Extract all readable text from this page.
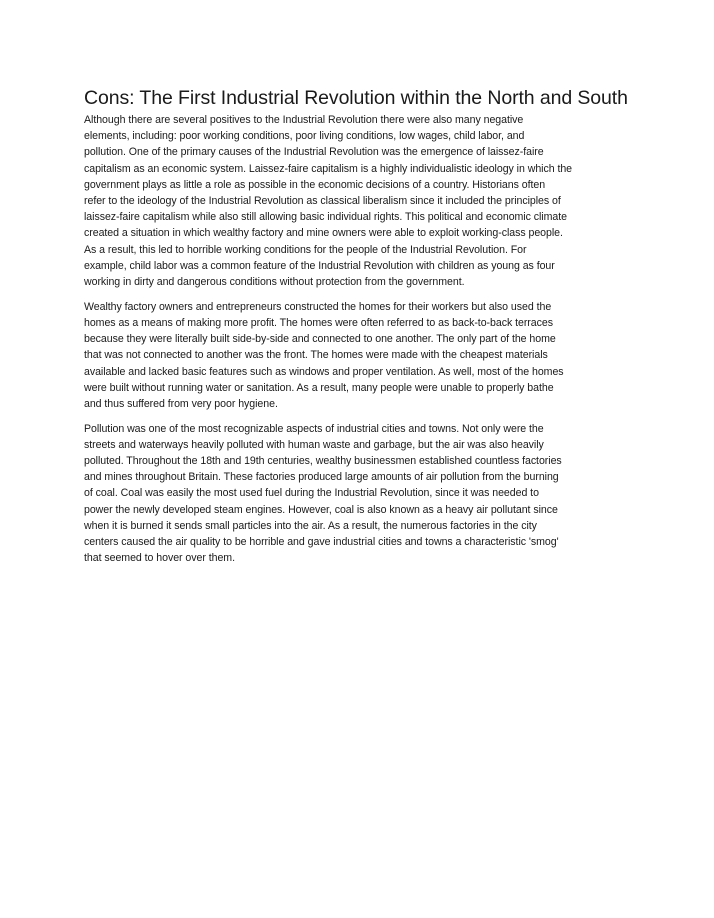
Cons: The First Industrial Revolution within the North and South

Although there are several positives to the Industrial Revolution there were also many negative
elements, including: poor working conditions, poor living conditions, low wages, child labor, and
pollution. One of the primary causes of the Industrial Revolution was the emergence of laissez-faire
capitalism as an economic system. Laissez-faire capitalism is a highly individualistic ideology in which the
government plays as little a role as possible in the economic decisions of a country. Historians often
refer to the ideology of the Industrial Revolution as classical liberalism since it included the principles of
laissez-faire capitalism while also still allowing basic individual rights. This political and economic climate
created a situation in which wealthy factory and mine owners were able to exploit working-class people.
As a result, this led to horrible working conditions for the people of the Industrial Revolution. For
example, child labor was a common feature of the Industrial Revolution with children as young as four
working in dirty and dangerous conditions without protection from the government.

Wealthy factory owners and entrepreneurs constructed the homes for their workers but also used the
homes as a means of making more profit. The homes were often referred to as back-to-back terraces
because they were literally built side-by-side and connected to one another. The only part of the home
that was not connected to another was the front. The homes were made with the cheapest materials
available and lacked basic features such as windows and proper ventilation. As well, most of the homes
were built without running water or sanitation. As a result, many people were unable to properly bathe
and thus suffered from very poor hygiene.

Pollution was one of the most recognizable aspects of industrial cities and towns. Not only were the
streets and waterways heavily polluted with human waste and garbage, but the air was also heavily
polluted. Throughout the 18th and 19th centuries, wealthy businessmen established countless factories
and mines throughout Britain. These factories produced large amounts of air pollution from the burning
of coal. Coal was easily the most used fuel during the Industrial Revolution, since it was needed to
power the newly developed steam engines. However, coal is also known as a heavy air pollutant since
when it is burned it sends small particles into the air. As a result, the numerous factories in the city
centers caused the air quality to be horrible and gave industrial cities and towns a characteristic 'smog'
that seemed to hover over them.
